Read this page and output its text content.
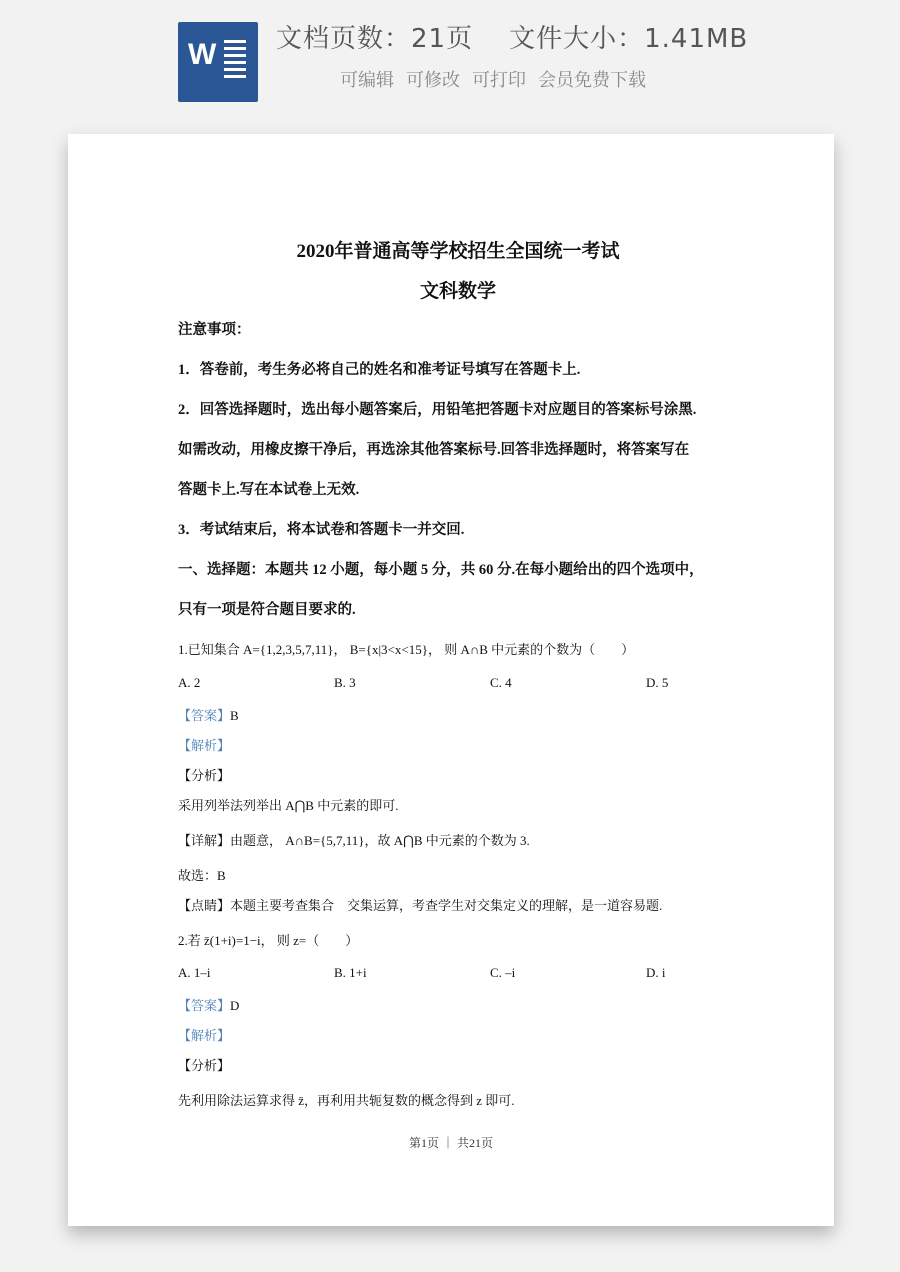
W 文档页数：21页 文件大小：1.41MB
可编辑 可修改 可打印 会员免费下载
2020年普通高等学校招生全国统一考试
文科数学
注意事项：
1．答卷前，考生务必将自己的姓名和准考证号填写在答题卡上.
2．回答选择题时，选出每小题答案后，用铅笔把答题卡对应题目的答案标号涂黑.
如需改动，用橡皮擦干净后，再选涂其他答案标号.回答非选择题时，将答案写在
答题卡上.写在本试卷上无效.
3．考试结束后，将本试卷和答题卡一并交回.
一、选择题：本题共 12 小题，每小题 5 分，共 60 分.在每小题给出的四个选项中，
只有一项是符合题目要求的.
1.已知集合 A={1,2,3,5,7,11}， B={x|3<x<15}， 则 A∩B 中元素的个数为（　　）
A. 2	B. 3	C. 4	D. 5
【答案】B
【解析】
【分析】
采用列举法列举出 A⋂B 中元素的即可.
【详解】由题意， A∩B={5,7,11}，故 A⋂B 中元素的个数为 3.
故选：B
【点睛】本题主要考查集合　交集运算，考查学生对交集定义的理解，是一道容易题.
2.若 z̄(1+i)=1−i， 则 z=（　　）
A. 1–i	B. 1+i	C. –i	D. i
【答案】D
【解析】
【分析】
先利用除法运算求得 z̄，再利用共轭复数的概念得到 z 即可.
第1页 ｜ 共21页
